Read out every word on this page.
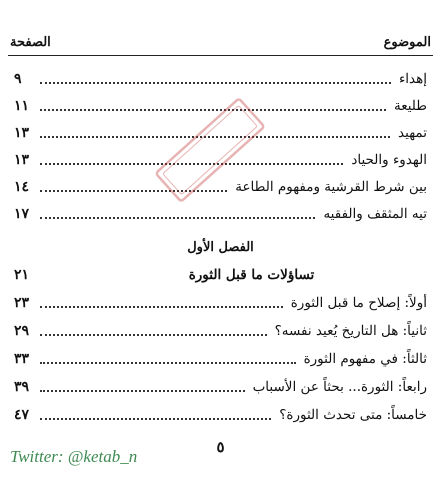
الموضوع
الصفحة
إهداء
٩
طليعة
١١
تمهيد
١٣
الهدوء والحياد
١٣
بين شرط القرشية ومفهوم الطاعة
١٤
تيه المثقف والفقيه
١٧
الفصل الأول
تساؤلات ما قبل الثورة
٢١
أولاً: إصلاح ما قبل الثورة
٢٣
ثانياً: هل التاريخ يُعيد نفسه؟
٢٩
ثالثاً: في مفهوم الثورة
٣٣
رابعاً: الثورة... بحثاً عن الأسباب
٣٩
خامساً: متى تحدث الثورة؟
٤٧
٥
Twitter: @ketab_n
